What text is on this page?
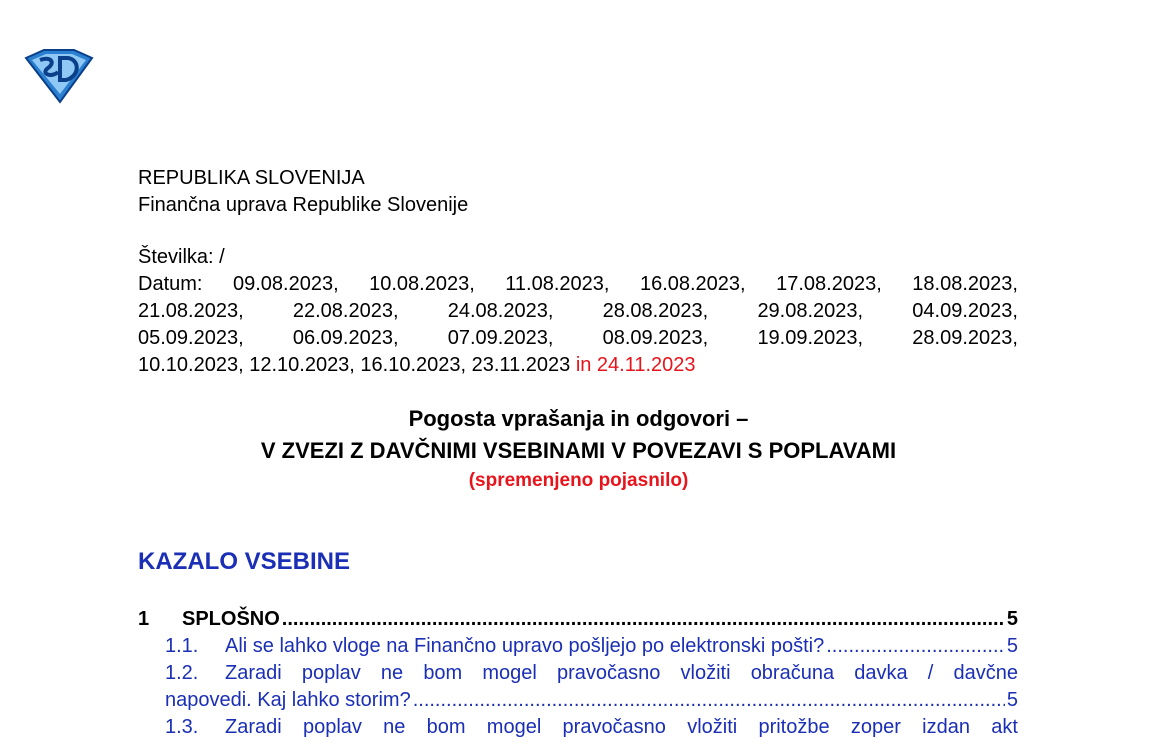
REPUBLIKA SLOVENIJA
Finančna uprava Republike Slovenije
Številka: /
Datum: 09.08.2023, 10.08.2023, 11.08.2023, 16.08.2023, 17.08.2023, 18.08.2023,
21.08.2023, 22.08.2023, 24.08.2023, 28.08.2023, 29.08.2023, 04.09.2023,
05.09.2023, 06.09.2023, 07.09.2023, 08.09.2023, 19.09.2023, 28.09.2023,
10.10.2023, 12.10.2023, 16.10.2023, 23.11.2023 in 24.11.2023
Pogosta vprašanja in odgovori –
V ZVEZI Z DAVČNIMI VSEBINAMI V POVEZAVI S POPLAVAMI
(spremenjeno pojasnilo)
KAZALO VSEBINE
1	SPLOŠNO .....	5
1.1.	Ali se lahko vloge na Finančno upravo pošljejo po elektronski pošti? .....	5
1.2.	Zaradi poplav ne bom mogel pravočasno vložiti obračuna davka / davčne
napovedi. Kaj lahko storim? .....	5
1.3.	Zaradi poplav ne bom mogel pravočasno vložiti pritožbe zoper izdan akt
